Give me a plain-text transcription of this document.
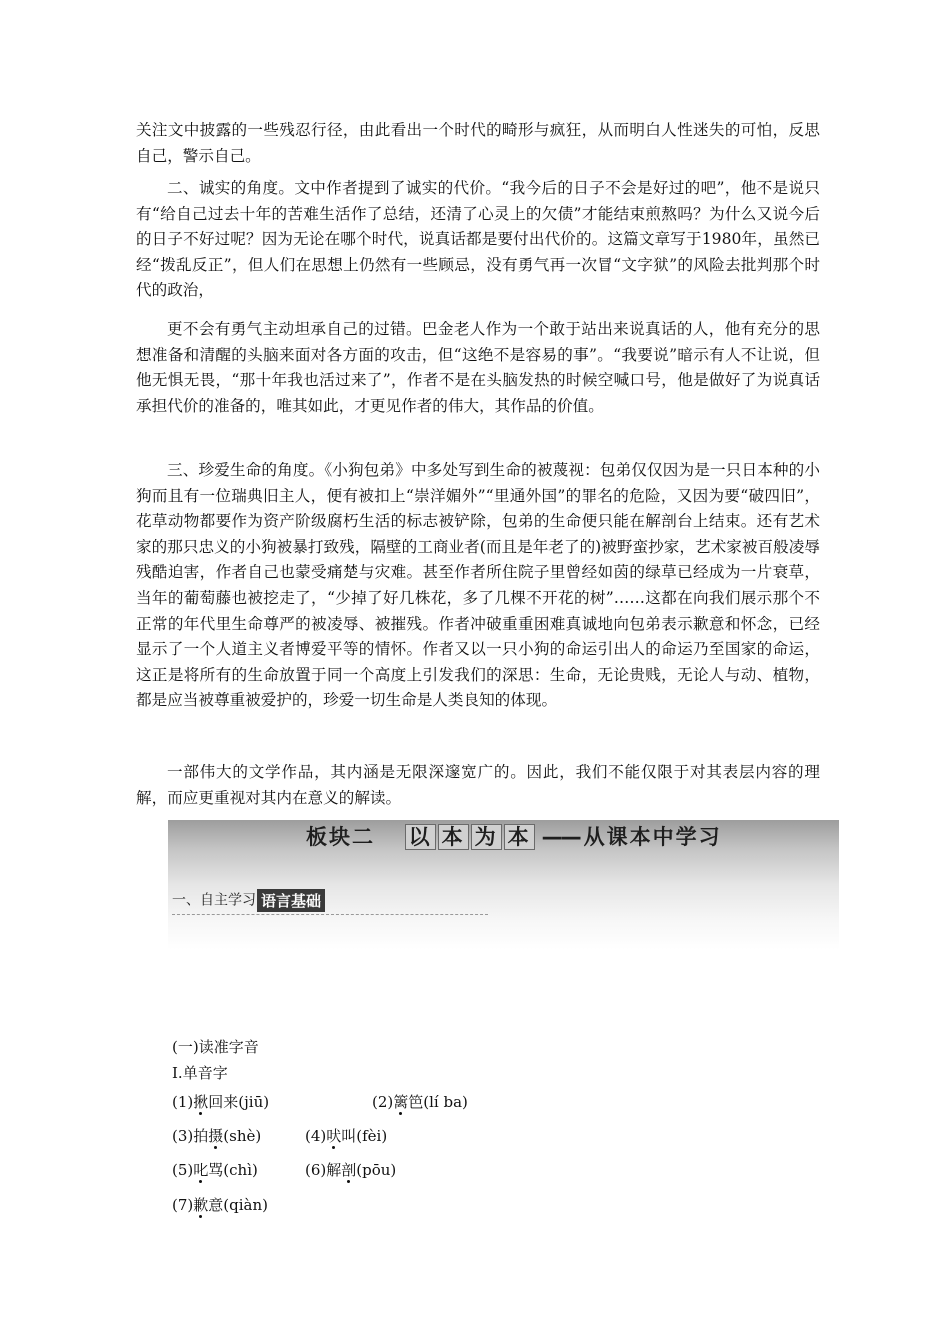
关注文中披露的一些残忍行径，由此看出一个时代的畸形与疯狂，从而明白人性迷失的可怕，反思自己，警示自己。

二、诚实的角度。文中作者提到了诚实的代价。“我今后的日子不会是好过的吧”，他不是说只有“给自己过去十年的苦难生活作了总结，还清了心灵上的欠债”才能结束煎熬吗？为什么又说今后的日子不好过呢？因为无论在哪个时代，说真话都是要付出代价的。这篇文章写于1980年，虽然已经“拨乱反正”，但人们在思想上仍然有一些顾忌，没有勇气再一次冒“文字狱”的风险去批判那个时代的政治，

更不会有勇气主动坦承自己的过错。巴金老人作为一个敢于站出来说真话的人，他有充分的思想准备和清醒的头脑来面对各方面的攻击，但“这绝不是容易的事”。“我要说”暗示有人不让说，但他无惧无畏，“那十年我也活过来了”，作者不是在头脑发热的时候空喊口号，他是做好了为说真话承担代价的准备的，唯其如此，才更见作者的伟大，其作品的价值。

三、珍爱生命的角度。《小狗包弟》中多处写到生命的被蔑视：包弟仅仅因为是一只日本种的小狗而且有一位瑞典旧主人，便有被扣上“崇洋媚外”“里通外国”的罪名的危险，又因为要“破四旧”，花草动物都要作为资产阶级腐朽生活的标志被铲除，包弟的生命便只能在解剖台上结束。还有艺术家的那只忠义的小狗被暴打致残，隔壁的工商业者(而且是年老了的)被野蛮抄家，艺术家被百般凌辱残酷迫害，作者自己也蒙受痛楚与灾难。甚至作者所住院子里曾经如茵的绿草已经成为一片衰草，当年的葡萄藤也被挖走了，“少掉了好几株花，多了几棵不开花的树”……这都在向我们展示那个不正常的年代里生命尊严的被凌辱、被摧残。作者冲破重重困难真诚地向包弟表示歉意和怀念，已经显示了一个人道主义者博爱平等的情怀。作者又以一只小狗的命运引出人的命运乃至国家的命运，这正是将所有的生命放置于同一个高度上引发我们的深思：生命，无论贵贱，无论人与动、植物，都是应当被尊重被爱护的，珍爱一切生命是人类良知的体现。

一部伟大的文学作品，其内涵是无限深邃宽广的。因此，我们不能仅限于对其表层内容的理解，而应更重视对其内在意义的解读。

板块二 以 本 为 本 —— 从课本中学习
一、自主学习 语言基础
(一)读准字音
Ⅰ.单音字
(1)揪回来(jiū)	(2)篱笆(lí ba)
(3)拍摄(shè)	(4)吠叫(fèi)
(5)叱骂(chì)	(6)解剖(pōu)
(7)歉意(qiàn)
